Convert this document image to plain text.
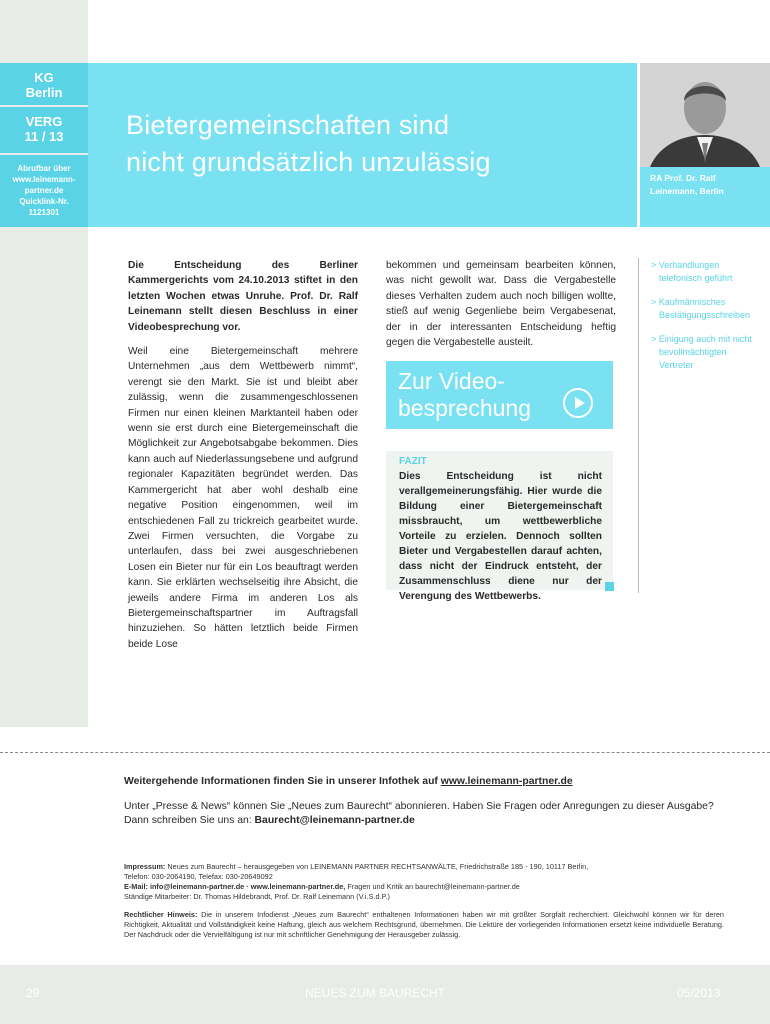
KG
Berlin
VERG
11 / 13
Abrufbar über
www.leinemann-
partner.de
Quicklink-Nr.
1121301
Bietergemeinschaften sind
nicht grundsätzlich unzulässig
RA Prof. Dr. Ralf
Leinemann, Berlin

Die Entscheidung des Berliner Kammergerichts vom 24.10.2013 stiftet in den letzten Wochen etwas Unruhe. Prof. Dr. Ralf Leinemann stellt diesen Beschluss in einer Videobesprechung vor.

Weil eine Bietergemeinschaft mehrere Unternehmen „aus dem Wettbewerb nimmt“, verengt sie den Markt. Sie ist und bleibt aber zulässig, wenn die zusammengeschlossenen Firmen nur einen kleinen Marktanteil haben oder wenn sie erst durch eine Bietergemeinschaft die Möglichkeit zur Angebotsabgabe bekommen. Dies kann auch auf Niederlassungsebene und aufgrund regionaler Kapazitäten begründet werden. Das Kammergericht hat aber wohl deshalb eine negative Position eingenommen, weil im entschiedenen Fall zu trickreich gearbeitet wurde. Zwei Firmen versuchten, die Vorgabe zu unterlaufen, dass bei zwei ausgeschriebenen Losen ein Bieter nur für ein Los beauftragt werden kann. Sie erklärten wechselseitig ihre Absicht, die jeweils andere Firma im anderen Los als Bietergemeinschaftspartner im Auftragsfall hinzuziehen. So hätten letztlich beide Firmen beide Lose

bekommen und gemeinsam bearbeiten können, was nicht gewollt war. Dass die Vergabestelle dieses Verhalten zudem auch noch billigen wollte, stieß auf wenig Gegenliebe beim Vergabesenat, der in der interessanten Entscheidung heftig gegen die Vergabestelle austeilt.

Zur Video-
besprechung
FAZIT
Dies Entscheidung ist nicht verallgemeinerungsfähig. Hier wurde die Bildung einer Bietergemeinschaft missbraucht, um wettbewerbliche Vorteile zu erzielen. Dennoch sollten Bieter und Vergabestellen darauf achten, dass nicht der Eindruck entsteht, der Zusammenschluss diene nur der Verengung des Wettbewerbs.
> Verhandlungen telefonisch geführt
> Kaufmännisches Bestätigungsschreiben
> Einigung auch mit nicht bevollmächtigten Vertreter
Weitergehende Informationen finden Sie in unserer Infothek auf www.leinemann-partner.de
Unter „Presse & News“ können Sie „Neues zum Baurecht“ abonnieren. Haben Sie Fragen oder Anregungen zu dieser Ausgabe?
Dann schreiben Sie uns an: Baurecht@leinemann-partner.de
Impressum: Neues zum Baurecht – herausgegeben von LEINEMANN PARTNER RECHTSANWÄLTE, Friedrichstraße 185 - 190, 10117 Berlin,
Telefon: 030-2064190, Telefax: 030-20649092
E-Mail: info@leinemann-partner.de · www.leinemann-partner.de, Fragen und Kritik an baurecht@leinemann-partner.de
Ständige Mitarbeiter: Dr. Thomas Hildebrandt, Prof. Dr. Ralf Leinemann (V.i.S.d.P.)
Rechtlicher Hinweis: Die in unserem Infodienst „Neues zum Baurecht“ enthaltenen Informationen haben wir mit größter Sorgfalt recherchiert. Gleichwohl können wir für deren Richtigkeit, Aktualität und Vollständigkeit keine Haftung, gleich aus welchem Rechtsgrund, übernehmen. Die Lektüre der vorliegenden Informationen ersetzt keine individuelle Beratung. Der Nachdruck oder die Vervielfältigung ist nur mit schriftlicher Genehmigung der Herausgeber zulässig.
29	NEUES ZUM BAURECHT	05/2013
